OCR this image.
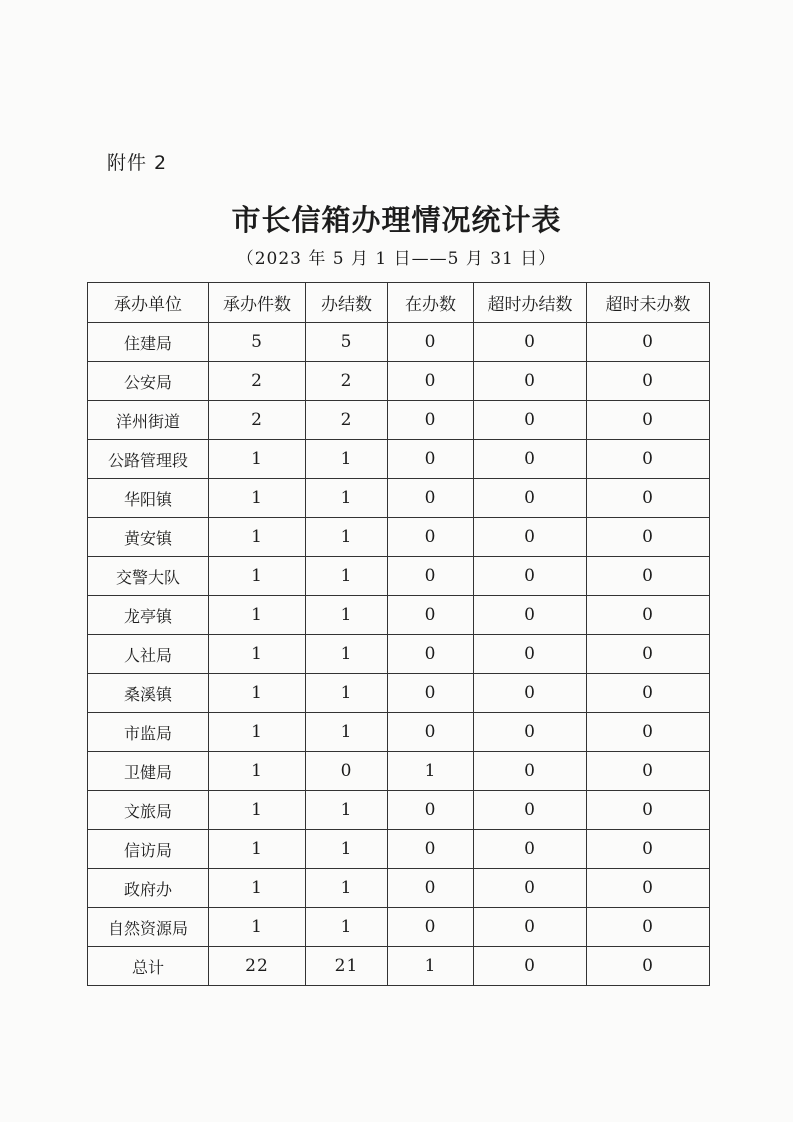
附件 2
市长信箱办理情况统计表
（2023 年 5 月 1 日——5 月 31 日）
承办单位	承办件数	办结数	在办数	超时办结数	超时未办数
住建局	5	5	0	0	0
公安局	2	2	0	0	0
洋州街道	2	2	0	0	0
公路管理段	1	1	0	0	0
华阳镇	1	1	0	0	0
黄安镇	1	1	0	0	0
交警大队	1	1	0	0	0
龙亭镇	1	1	0	0	0
人社局	1	1	0	0	0
桑溪镇	1	1	0	0	0
市监局	1	1	0	0	0
卫健局	1	0	1	0	0
文旅局	1	1	0	0	0
信访局	1	1	0	0	0
政府办	1	1	0	0	0
自然资源局	1	1	0	0	0
总计	22	21	1	0	0
